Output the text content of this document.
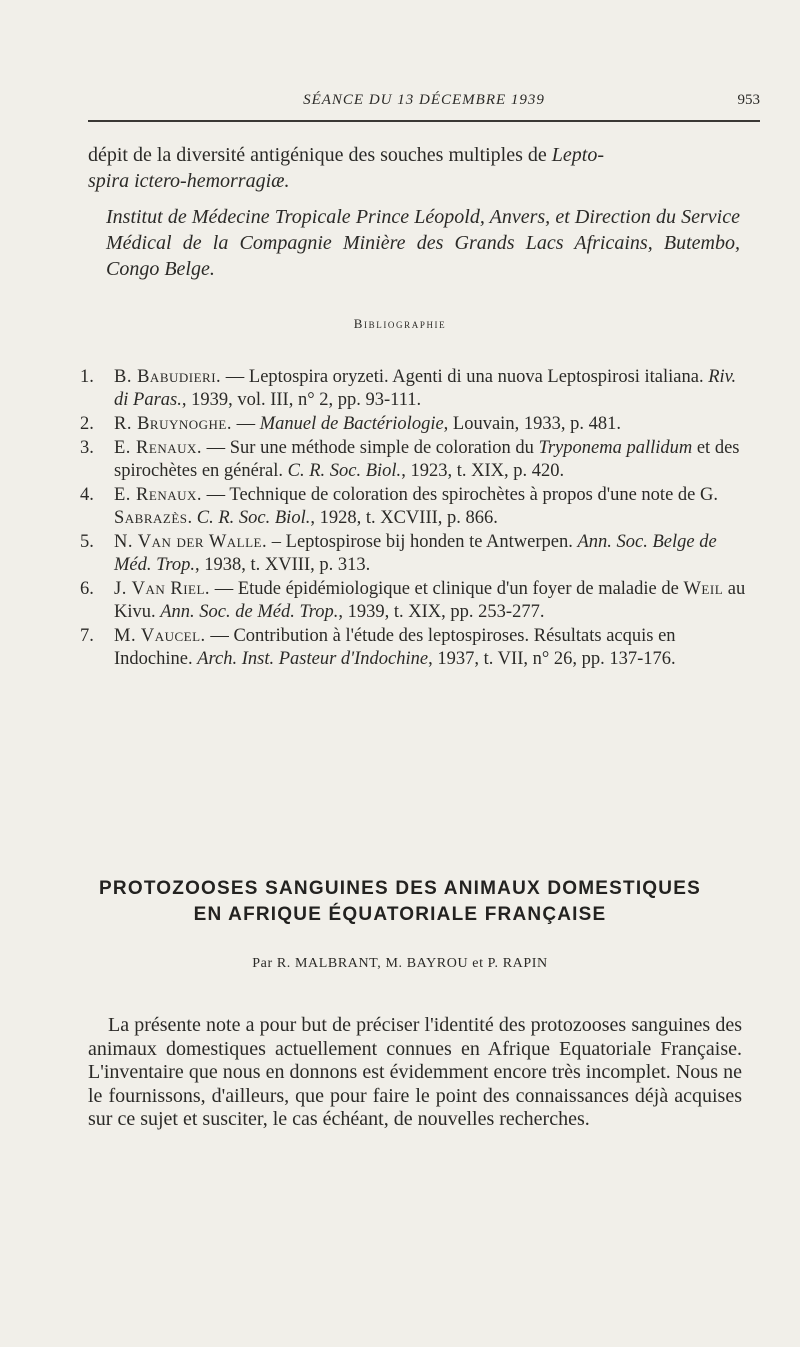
SÉANCE DU 13 DÉCEMBRE 1939	953

dépit de la diversité antigénique des souches multiples de Lepto-
spira ictero-hemorragiæ.

Institut de Médecine Tropicale Prince Léopold, Anvers, et Direction du Service Médical de la Compagnie Minière des Grands Lacs Africains, Butembo, Congo Belge.

Bibliographie

1.	B. Babudieri. — Leptospira oryzeti. Agenti di una nuova Leptospirosi italiana. Riv. di Paras., 1939, vol. III, n° 2, pp. 93-111.

2.	R. Bruynoghe. — Manuel de Bactériologie, Louvain, 1933, p. 481.

3.	E. Renaux. — Sur une méthode simple de coloration du Tryponema pallidum et des spirochètes en général. C. R. Soc. Biol., 1923, t. XIX, p. 420.

4.	E. Renaux. — Technique de coloration des spirochètes à propos d'une note de G. Sabrazès. C. R. Soc. Biol., 1928, t. XCVIII, p. 866.

5.	N. Van der Walle. – Leptospirose bij honden te Antwerpen. Ann. Soc. Belge de Méd. Trop., 1938, t. XVIII, p. 313.

6.	J. Van Riel. — Etude épidémiologique et clinique d'un foyer de maladie de Weil au Kivu. Ann. Soc. de Méd. Trop., 1939, t. XIX, pp. 253-277.

7.	M. Vaucel. — Contribution à l'étude des leptospiroses. Résultats acquis en Indochine. Arch. Inst. Pasteur d'Indochine, 1937, t. VII, n° 26, pp. 137-176.

PROTOZOOSES SANGUINES DES ANIMAUX DOMESTIQUES
EN AFRIQUE ÉQUATORIALE FRANÇAISE
Par R. MALBRANT, M. BAYROU et P. RAPIN

La présente note a pour but de préciser l'identité des protozooses sanguines des animaux domestiques actuellement connues en Afrique Equatoriale Française. L'inventaire que nous en donnons est évidemment encore très incomplet. Nous ne le fournissons, d'ailleurs, que pour faire le point des connaissances déjà acquises sur ce sujet et susciter, le cas échéant, de nouvelles recherches.
